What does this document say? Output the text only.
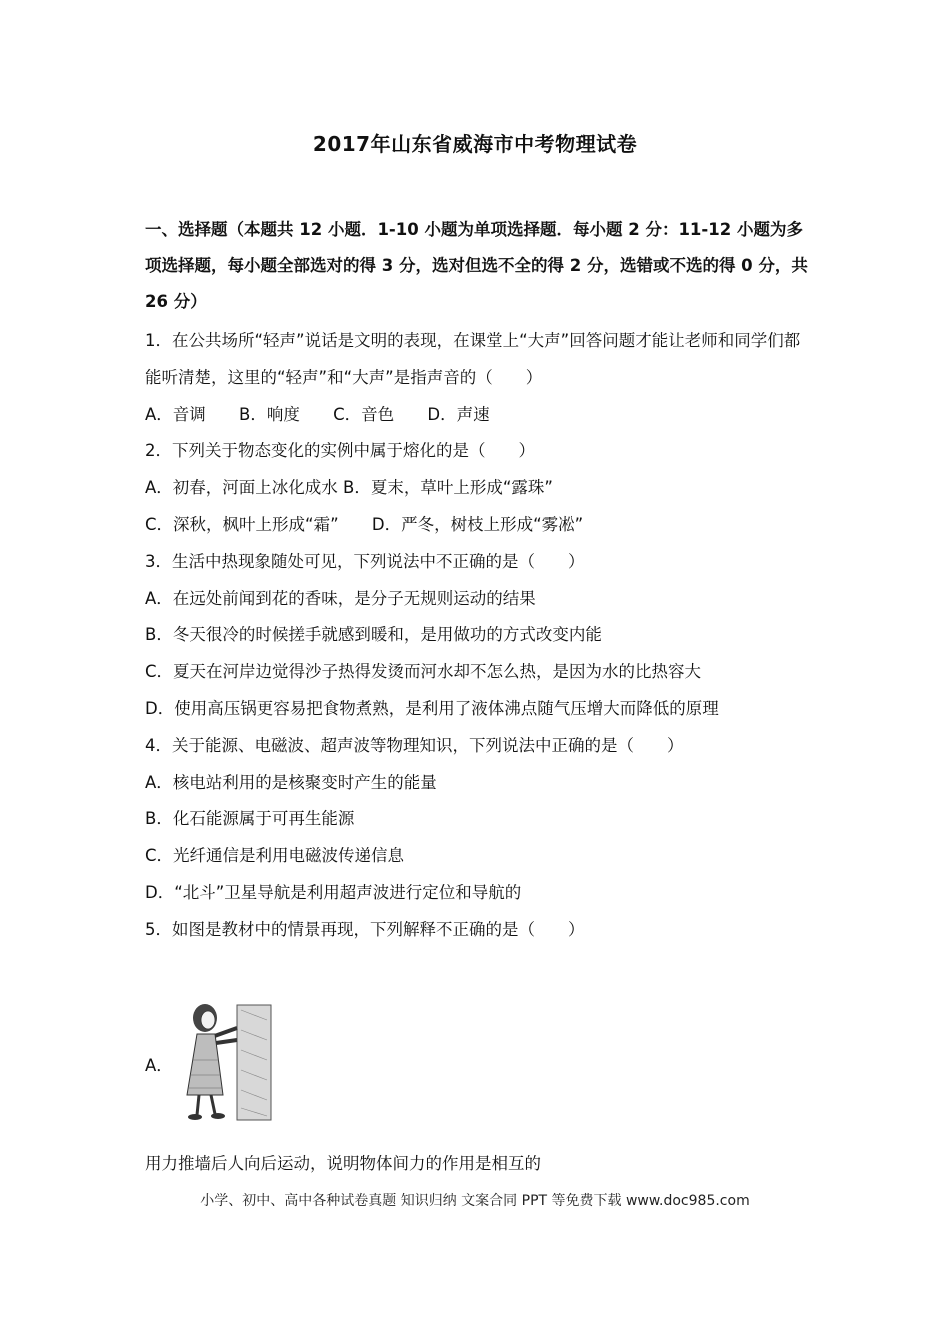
2017年山东省威海市中考物理试卷
一、选择题（本题共 12 小题．1-10 小题为单项选择题．每小题 2 分：11-12 小题为多项选择题，每小题全部选对的得 3 分，选对但选不全的得 2 分，选错或不选的得 0 分，共 26 分）

1．在公共场所“轻声”说话是文明的表现，在课堂上“大声”回答问题才能让老师和同学们都能听清楚，这里的“轻声”和“大声”是指声音的（　　）

A．音调 B．响度 C．音色 D．声速

2．下列关于物态变化的实例中属于熔化的是（　　）

A．初春，河面上冰化成水 B．夏末，草叶上形成“露珠”

C．深秋，枫叶上形成“霜” D．严冬，树枝上形成“雾凇”

3．生活中热现象随处可见，下列说法中不正确的是（　　）

A．在远处前闻到花的香味，是分子无规则运动的结果

B．冬天很冷的时候搓手就感到暖和，是用做功的方式改变内能

C．夏天在河岸边觉得沙子热得发烫而河水却不怎么热，是因为水的比热容大

D．使用高压锅更容易把食物煮熟，是利用了液体沸点随气压增大而降低的原理

4．关于能源、电磁波、超声波等物理知识，下列说法中正确的是（　　）

A．核电站利用的是核聚变时产生的能量

B．化石能源属于可再生能源

C．光纤通信是利用电磁波传递信息

D．“北斗”卫星导航是利用超声波进行定位和导航的

5．如图是教材中的情景再现，下列解释不正确的是（　　）

A．
用力推墙后人向后运动，说明物体间力的作用是相互的
小学、初中、高中各种试卷真题 知识归纳 文案合同 PPT 等免费下载 www.doc985.com
